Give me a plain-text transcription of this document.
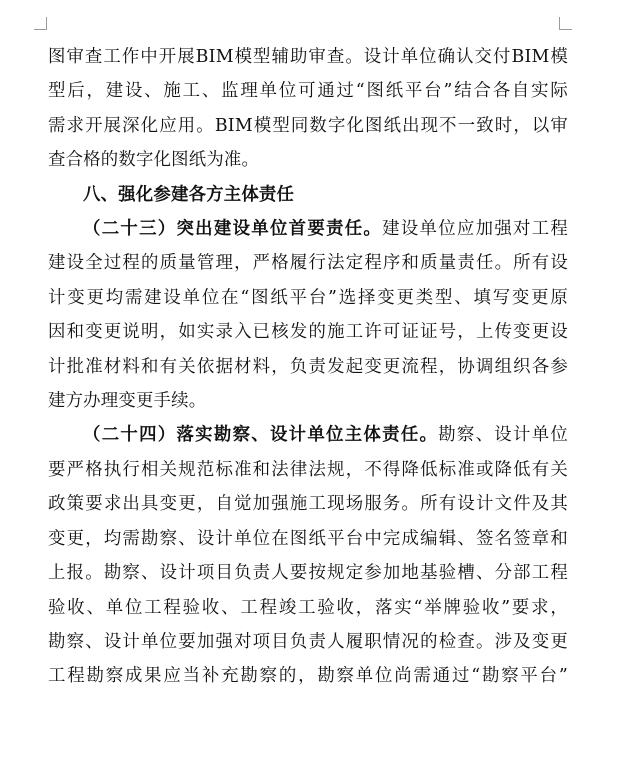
图审查工作中开展BIM模型辅助审查。设计单位确认交付BIM模

型后，建设、施工、监理单位可通过“图纸平台”结合各自实际

需求开展深化应用。BIM模型同数字化图纸出现不一致时，以审

查合格的数字化图纸为准。

八、强化参建各方主体责任

（二十三）突出建设单位首要责任。建设单位应加强对工程

建设全过程的质量管理，严格履行法定程序和质量责任。所有设

计变更均需建设单位在“图纸平台”选择变更类型、填写变更原

因和变更说明，如实录入已核发的施工许可证证号，上传变更设

计批准材料和有关依据材料，负责发起变更流程，协调组织各参

建方办理变更手续。

（二十四）落实勘察、设计单位主体责任。勘察、设计单位

要严格执行相关规范标准和法律法规，不得降低标准或降低有关

政策要求出具变更，自觉加强施工现场服务。所有设计文件及其

变更，均需勘察、设计单位在图纸平台中完成编辑、签名签章和

上报。勘察、设计项目负责人要按规定参加地基验槽、分部工程

验收、单位工程验收、工程竣工验收，落实“举牌验收”要求，

勘察、设计单位要加强对项目负责人履职情况的检查。涉及变更

工程勘察成果应当补充勘察的，勘察单位尚需通过“勘察平台”
